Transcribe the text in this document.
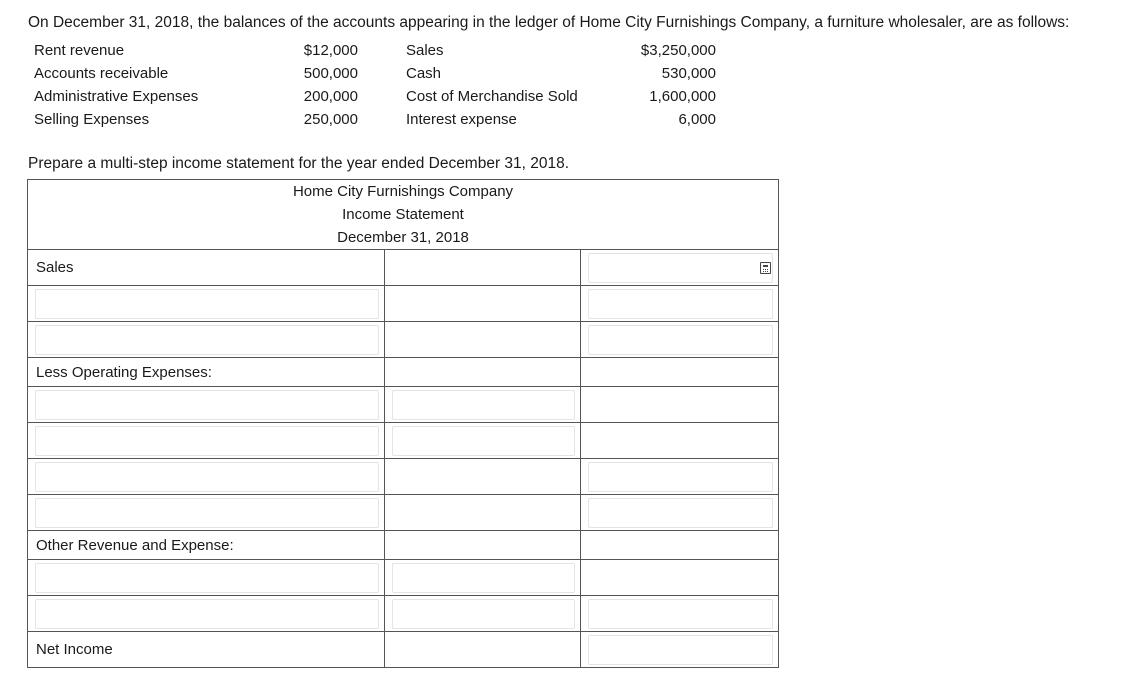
On December 31, 2018, the balances of the accounts appearing in the ledger of Home City Furnishings Company, a furniture wholesaler, are as follows:
Rent revenue	$12,000	Sales	$3,250,000
Accounts receivable	500,000	Cash	530,000
Administrative Expenses	200,000	Cost of Merchandise Sold	1,600,000
Selling Expenses	250,000	Interest expense	6,000
Prepare a multi-step income statement for the year ended December 31, 2018.
Home City Furnishings Company
Income Statement
December 31, 2018		

Sales		

Less Operating Expenses:		

Other Revenue and Expense:		

Net Income		
